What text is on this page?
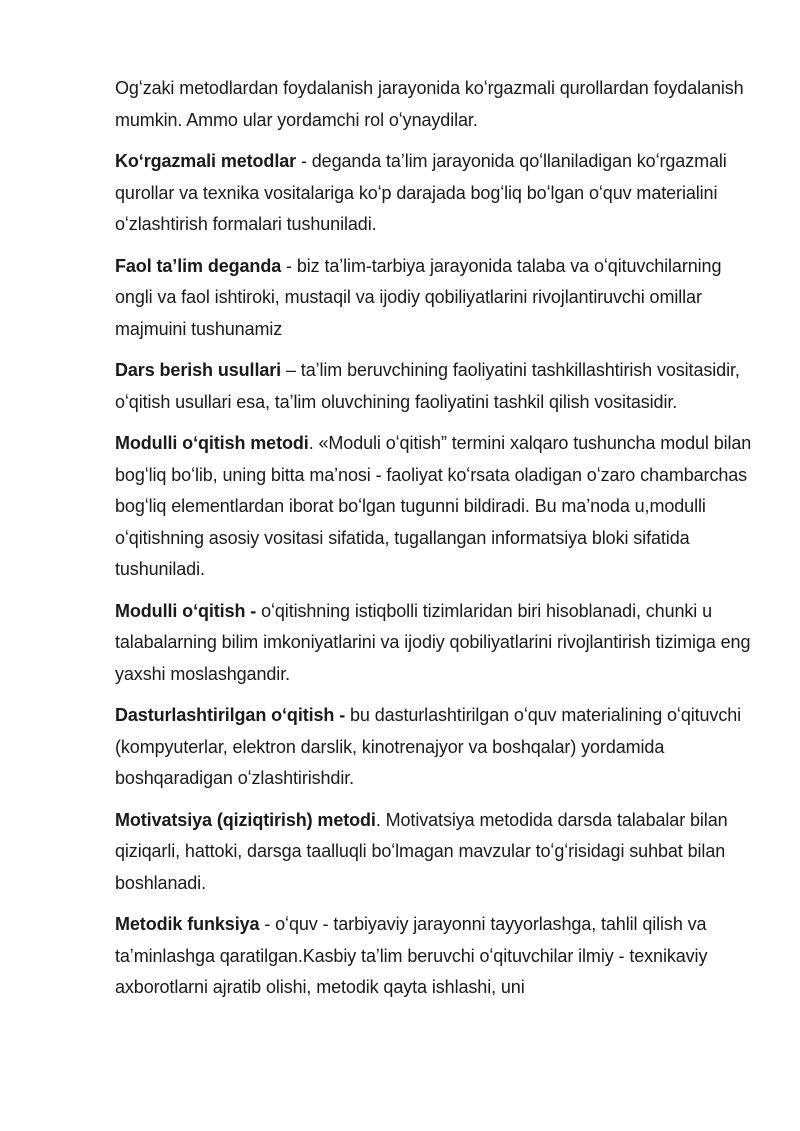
Ogʻzaki metodlardan foydalanish jarayonida koʻrgazmali qurollardan foydalanish mumkin. Ammo ular yordamchi rol oʻynaydilar.

Koʻrgazmali metodlar - deganda taʼlim jarayonida qoʻllaniladigan koʻrgazmali qurollar va texnika vositalariga koʻp darajada bogʻliq boʻlgan oʻquv materialini oʻzlashtirish formalari tushuniladi.

Faol taʼlim deganda - biz taʼlim-tarbiya jarayonida talaba va oʻqituvchilarning ongli va faol ishtiroki, mustaqil va ijodiy qobiliyatlarini rivojlantiruvchi omillar majmuini tushunamiz

Dars berish usullari – taʼlim beruvchining faoliyatini tashkillashtirish vositasidir, oʻqitish usullari esa, taʼlim oluvchining faoliyatini tashkil qilish vositasidir.

Modulli oʻqitish metodi. «Moduli oʻqitish” termini xalqaro tushuncha modul bilan bogʻliq boʻlib, uning bitta maʼnosi - faoliyat koʻrsata oladigan oʻzaro chambarchas bogʻliq elementlardan iborat boʻlgan tugunni bildiradi. Bu maʼnoda u,modulli oʻqitishning asosiy vositasi sifatida, tugallangan informatsiya bloki sifatida tushuniladi.

Modulli oʻqitish - oʻqitishning istiqbolli tizimlaridan biri hisoblanadi, chunki u talabalarning bilim imkoniyatlarini va ijodiy qobiliyatlarini rivojlantirish tizimiga eng yaxshi moslashgandir.

Dasturlashtirilgan oʻqitish - bu dasturlashtirilgan oʻquv materialining oʻqituvchi (kompyuterlar, elektron darslik, kinotrenajyor va boshqalar) yordamida boshqaradigan oʻzlashtirishdir.

Motivatsiya (qiziqtirish) metodi. Motivatsiya metodida darsda talabalar bilan qiziqarli, hattoki, darsga taalluqli boʻlmagan mavzular toʻgʻrisidagi suhbat bilan boshlanadi.

Metodik funksiya - oʻquv - tarbiyaviy jarayonni tayyorlashga, tahlil qilish va taʼminlashga qaratilgan.Kasbiy taʼlim beruvchi oʻqituvchilar ilmiy - texnikaviy axborotlarni ajratib olishi, metodik qayta ishlashi, uni
